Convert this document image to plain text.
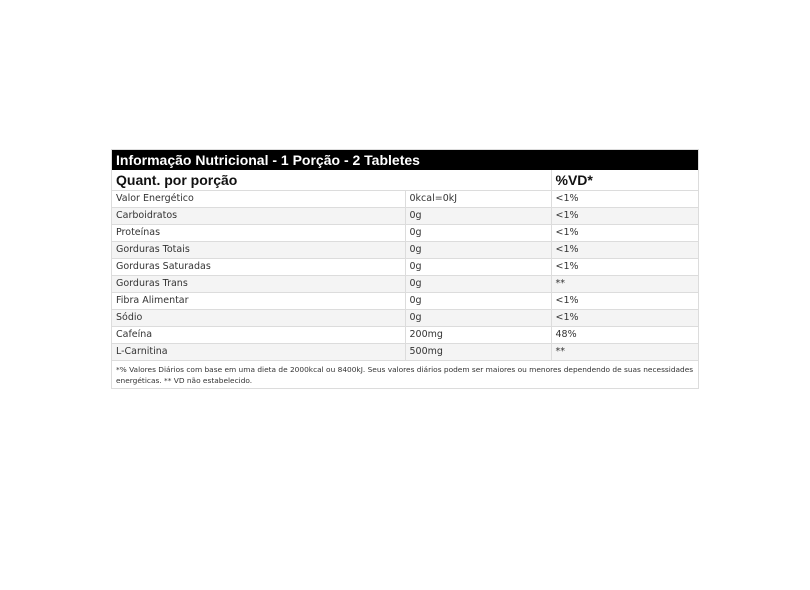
Informação Nutricional - 1 Porção - 2 Tabletes
Quant. por porção		%VD*
Valor Energético	0kcal=0kJ	<1%
Carboidratos	0g	<1%
Proteínas	0g	<1%
Gorduras Totais	0g	<1%
Gorduras Saturadas	0g	<1%
Gorduras Trans	0g	**
Fibra Alimentar	0g	<1%
Sódio	0g	<1%
Cafeína	200mg	48%
L-Carnitina	500mg	**
*% Valores Diários com base em uma dieta de 2000kcal ou 8400kJ. Seus valores diários podem ser maiores ou menores dependendo de suas necessidades energéticas. ** VD não estabelecido.
